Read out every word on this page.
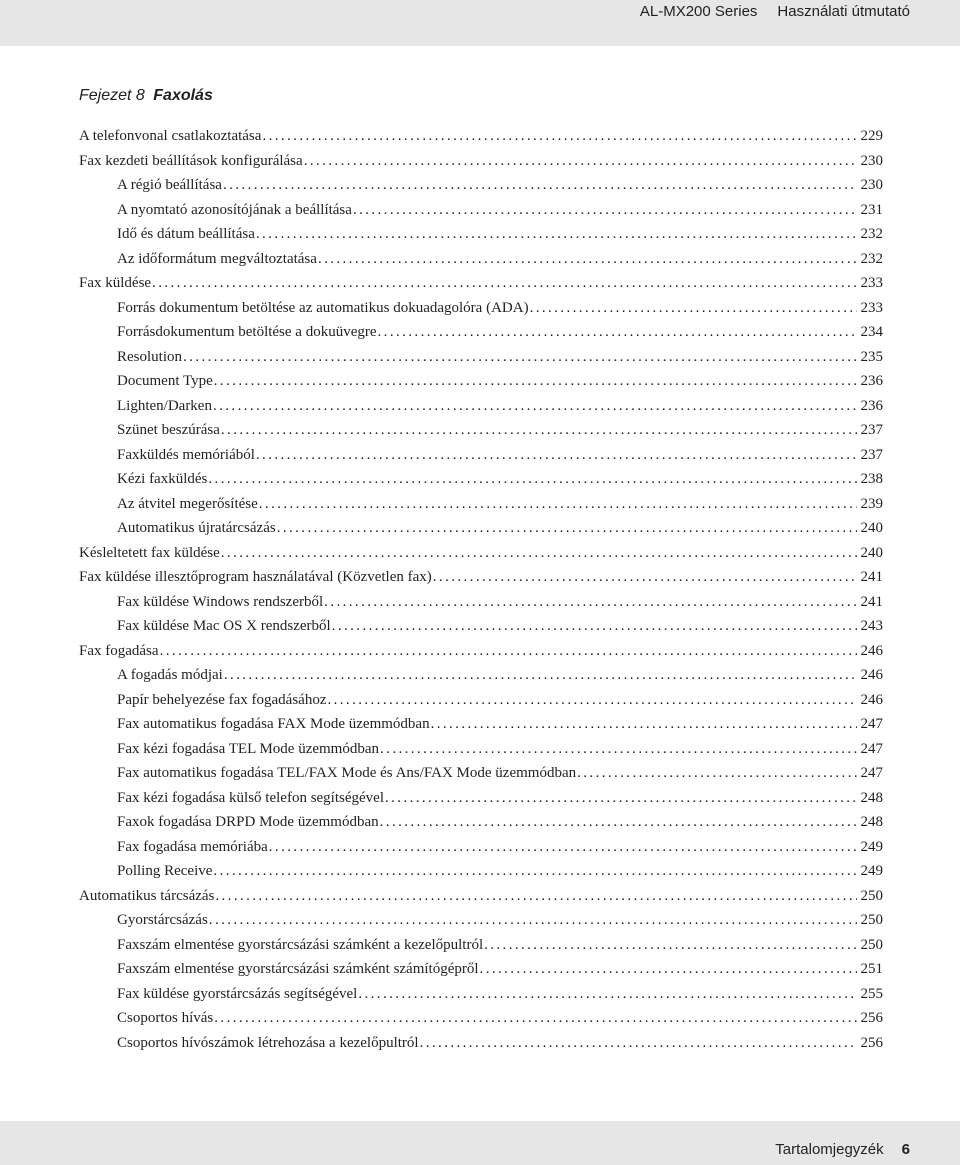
AL-MX200 Series Használati útmutató
Fejezet 8 Faxolás
A telefonvonal csatlakoztatása .....	229
Fax kezdeti beállítások konfigurálása .....	230
A régió beállítása .....	230
A nyomtató azonosítójának a beállítása .....	231
Idő és dátum beállítása .....	232
Az időformátum megváltoztatása .....	232
Fax küldése .....	233
Forrás dokumentum betöltése az automatikus dokuadagolóra (ADA) .....	233
Forrásdokumentum betöltése a dokuüvegre .....	234
Resolution .....	235
Document Type .....	236
Lighten/Darken .....	236
Szünet beszúrása .....	237
Faxküldés memóriából .....	237
Kézi faxküldés .....	238
Az átvitel megerősítése .....	239
Automatikus újratárcsázás .....	240
Késleltetett fax küldése .....	240
Fax küldése illesztőprogram használatával (Közvetlen fax) .....	241
Fax küldése Windows rendszerből .....	241
Fax küldése Mac OS X rendszerből .....	243
Fax fogadása .....	246
A fogadás módjai .....	246
Papír behelyezése fax fogadásához .....	246
Fax automatikus fogadása FAX Mode üzemmódban .....	247
Fax kézi fogadása TEL Mode üzemmódban .....	247
Fax automatikus fogadása TEL/FAX Mode és Ans/FAX Mode üzemmódban .....	247
Fax kézi fogadása külső telefon segítségével .....	248
Faxok fogadása DRPD Mode üzemmódban .....	248
Fax fogadása memóriába .....	249
Polling Receive .....	249
Automatikus tárcsázás .....	250
Gyorstárcsázás .....	250
Faxszám elmentése gyorstárcsázási számként a kezelőpultról .....	250
Faxszám elmentése gyorstárcsázási számként számítógépről .....	251
Fax küldése gyorstárcsázás segítségével .....	255
Csoportos hívás .....	256
Csoportos hívószámok létrehozása a kezelőpultról .....	256
Tartalomjegyzék 6
